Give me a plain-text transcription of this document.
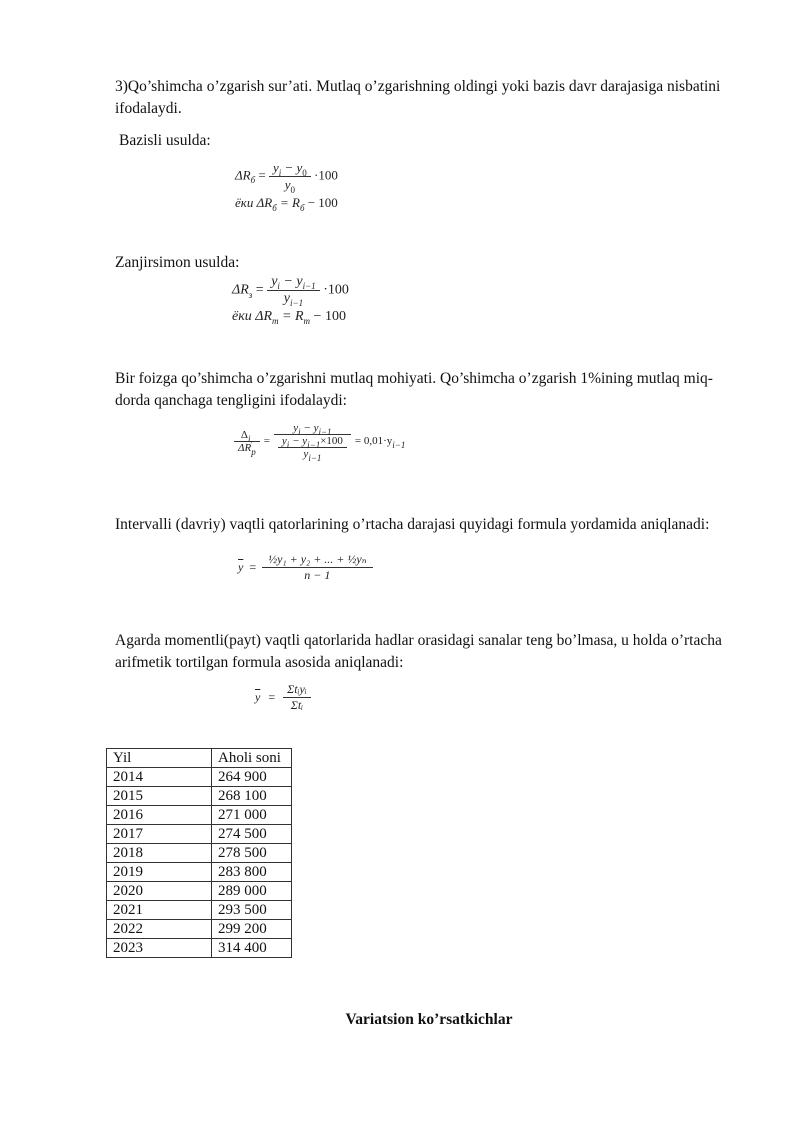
3)Qo’shimcha o’zgarish sur’ati. Mutlaq o’zgarishning oldingi yoki bazis davr darajasiga nisbatini ifodalaydi.

Bazisli usulda:

$\Delta R_б = \frac{y_i - y_0}{y_0} \cdot 100$
ёки $\Delta R_б = R_б - 100$

Zanjirsimon usulda:

$\Delta R_з = \frac{y_i - y_{i-1}}{y_{i-1}} \cdot 100$
ёки $\Delta R_т = R_т - 100$

Bir foizga qo’shimcha o’zgarishni mutlaq mohiyati. Qo’shimcha o’zgarish 1%ining mutlaq miq-dorda qanchaga tengligini ifodalaydi:

$\frac{\Delta_{i,}}{\Delta R_р} = \frac{y_i - y_{i-1}}{\frac{y_i - y_{i-1}\times 100}{y_{i-1}}} = 0,01\cdot y$ i−1

Intervalli (davriy) vaqtli qatorlarining o’rtacha darajasi quyidagi formula yordamida aniqlanadi:

$\overline{y} = \frac{\text{½y₁ + y₂ + ... + ½yₙ}}{n - 1}$

Agarda momentli(payt) vaqtli qatorlarida hadlar orasidagi sanalar teng bo’lmasa, u holda o’rtacha arifmetik tortilgan formula asosida aniqlanadi:

$\overline{y} = \frac{\text{Σtᵢyᵢ}}{\text{Σtᵢ}}$
Yil	Aholi soni
2014	264 900
2015	268 100
2016	271 000
2017	274 500
2018	278 500
2019	283 800
2020	289 000
2021	293 500
2022	299 200
2023	314 400
Variatsion ko’rsatkichlar
